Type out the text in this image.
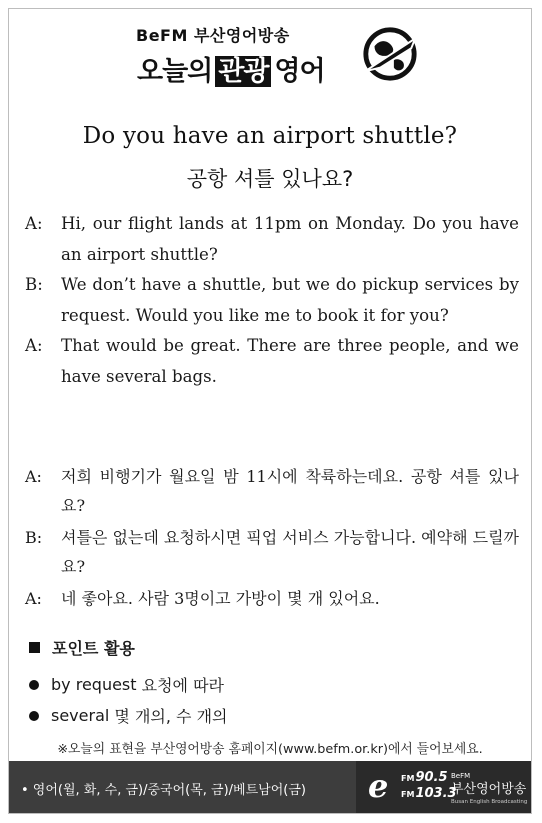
BeFM 부산영어방송
오늘의 관광 영어
Do you have an airport shuttle?
공항 셔틀 있나요?
A:	Hi, our flight lands at 11pm on Monday. Do you have an airport shuttle?
B:	We don’t have a shuttle, but we do pickup services by request. Would you like me to book it for you?
A:	That would be great. There are three people, and we have several bags.
A:	저희 비행기가 월요일 밤 11시에 착륙하는데요. 공항 셔틀 있나요?
B:	셔틀은 없는데 요청하시면 픽업 서비스 가능합니다. 예약해 드릴까요?
A:	네 좋아요. 사람 3명이고 가방이 몇 개 있어요.
포인트 활용
by request
요청에 따라
several
몇 개의, 수 개의
※오늘의 표현을 부산영어방송 홈페이지(www.befm.or.kr)에서 들어보세요.
• 영어(월, 화, 수, 금)/중국어(목, 금)/베트남어(금) e FM90.5
FM103.3
BeFM
부산영어방송
Busan English Broadcasting
